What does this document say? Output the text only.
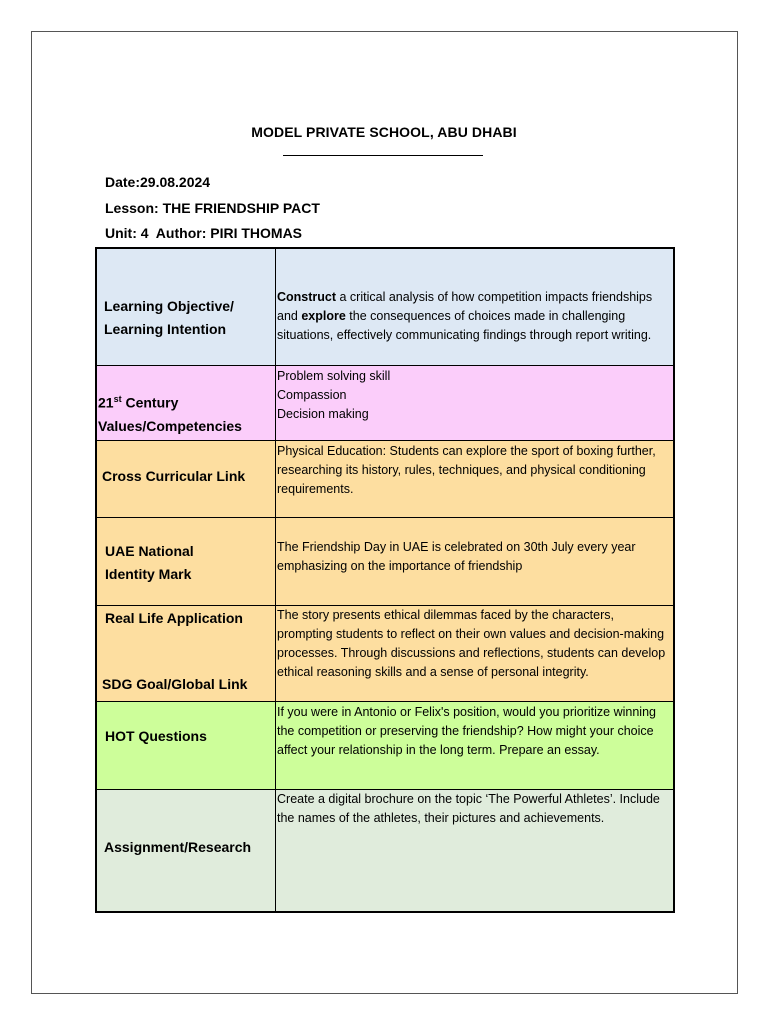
MODEL PRIVATE SCHOOL, ABU DHABI
Date:29.08.2024
Lesson: THE FRIENDSHIP PACT
Unit: 4  Author: PIRI THOMAS
Learning Objective/
Learning Intention

Construct a critical analysis of how competition impacts friendships and explore the consequences of choices made in challenging situations, effectively communicating findings through report writing.

21st Century
Values/Competencies

Problem solving skill

Compassion

Decision making

Cross Curricular Link

Physical Education: Students can explore the sport of boxing further, researching its history, rules, techniques, and physical conditioning requirements.

UAE National
Identity Mark

The Friendship Day in UAE is celebrated on 30th July every year emphasizing on the importance of friendship

Real Life Application
SDG Goal/Global Link

The story presents ethical dilemmas faced by the characters, prompting students to reflect on their own values and decision-making processes. Through discussions and reflections, students can develop ethical reasoning skills and a sense of personal integrity.

HOT Questions

If you were in Antonio or Felix's position, would you prioritize winning the competition or preserving the friendship? How might your choice affect your relationship in the long term. Prepare an essay.

Assignment/Research

Create a digital brochure on the topic ‘The Powerful Athletes’. Include the names of the athletes, their pictures and achievements.
